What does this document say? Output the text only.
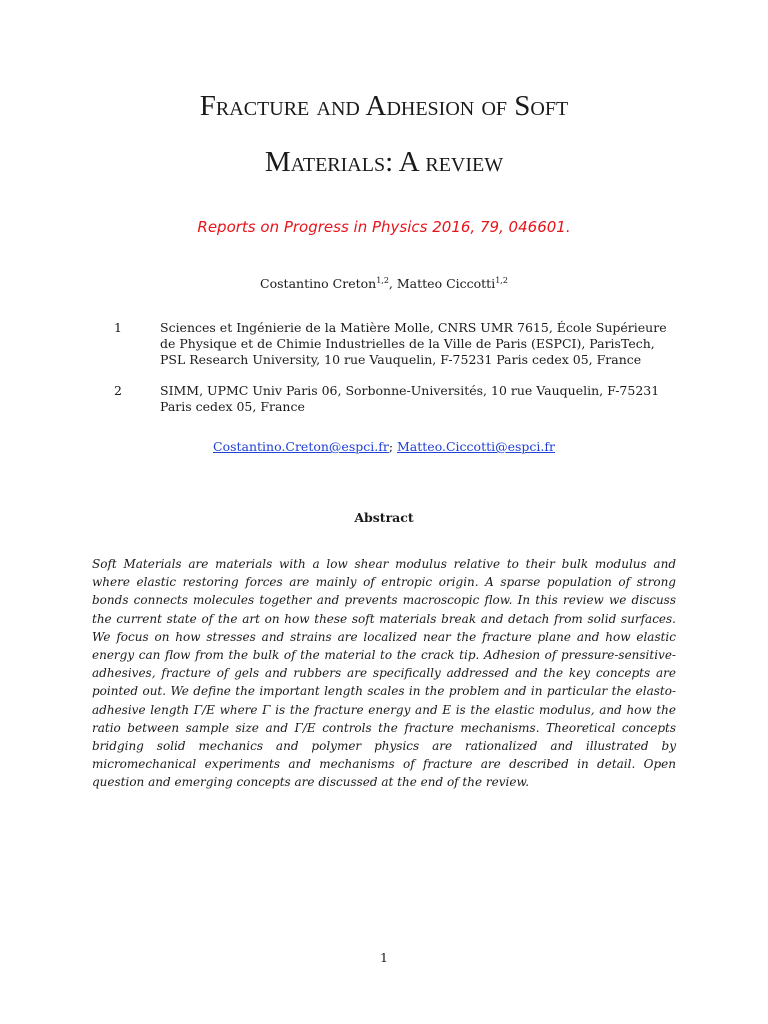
Fracture and Adhesion of Soft
Materials: A review
Reports on Progress in Physics 2016, 79, 046601.
Costantino Creton$^{1,2}$, Matteo Ciccotti$^{1,2}$
1	Sciences et Ingénierie de la Matière Molle, CNRS UMR 7615, École Supérieure de Physique et de Chimie Industrielles de la Ville de Paris (ESPCI), ParisTech, PSL Research University, 10 rue Vauquelin, F-75231 Paris cedex 05, France
2	SIMM, UPMC Univ Paris 06, Sorbonne-Universités, 10 rue Vauquelin, F-75231 Paris cedex 05, France
Costantino.Creton@espci.fr; Matteo.Ciccotti@espci.fr
Abstract
Soft Materials are materials with a low shear modulus relative to their bulk modulus and where elastic restoring forces are mainly of entropic origin. A sparse population of strong bonds connects molecules together and prevents macroscopic flow. In this review we discuss the current state of the art on how these soft materials break and detach from solid surfaces. We focus on how stresses and strains are localized near the fracture plane and how elastic energy can flow from the bulk of the material to the crack tip. Adhesion of pressure-sensitive-adhesives, fracture of gels and rubbers are specifically addressed and the key concepts are pointed out. We define the important length scales in the problem and in particular the elasto-adhesive length Γ/E where Γ is the fracture energy and E is the elastic modulus, and how the ratio between sample size and Γ/E controls the fracture mechanisms. Theoretical concepts bridging solid mechanics and polymer physics are rationalized and illustrated by micromechanical experiments and mechanisms of fracture are described in detail. Open question and emerging concepts are discussed at the end of the review.
1
